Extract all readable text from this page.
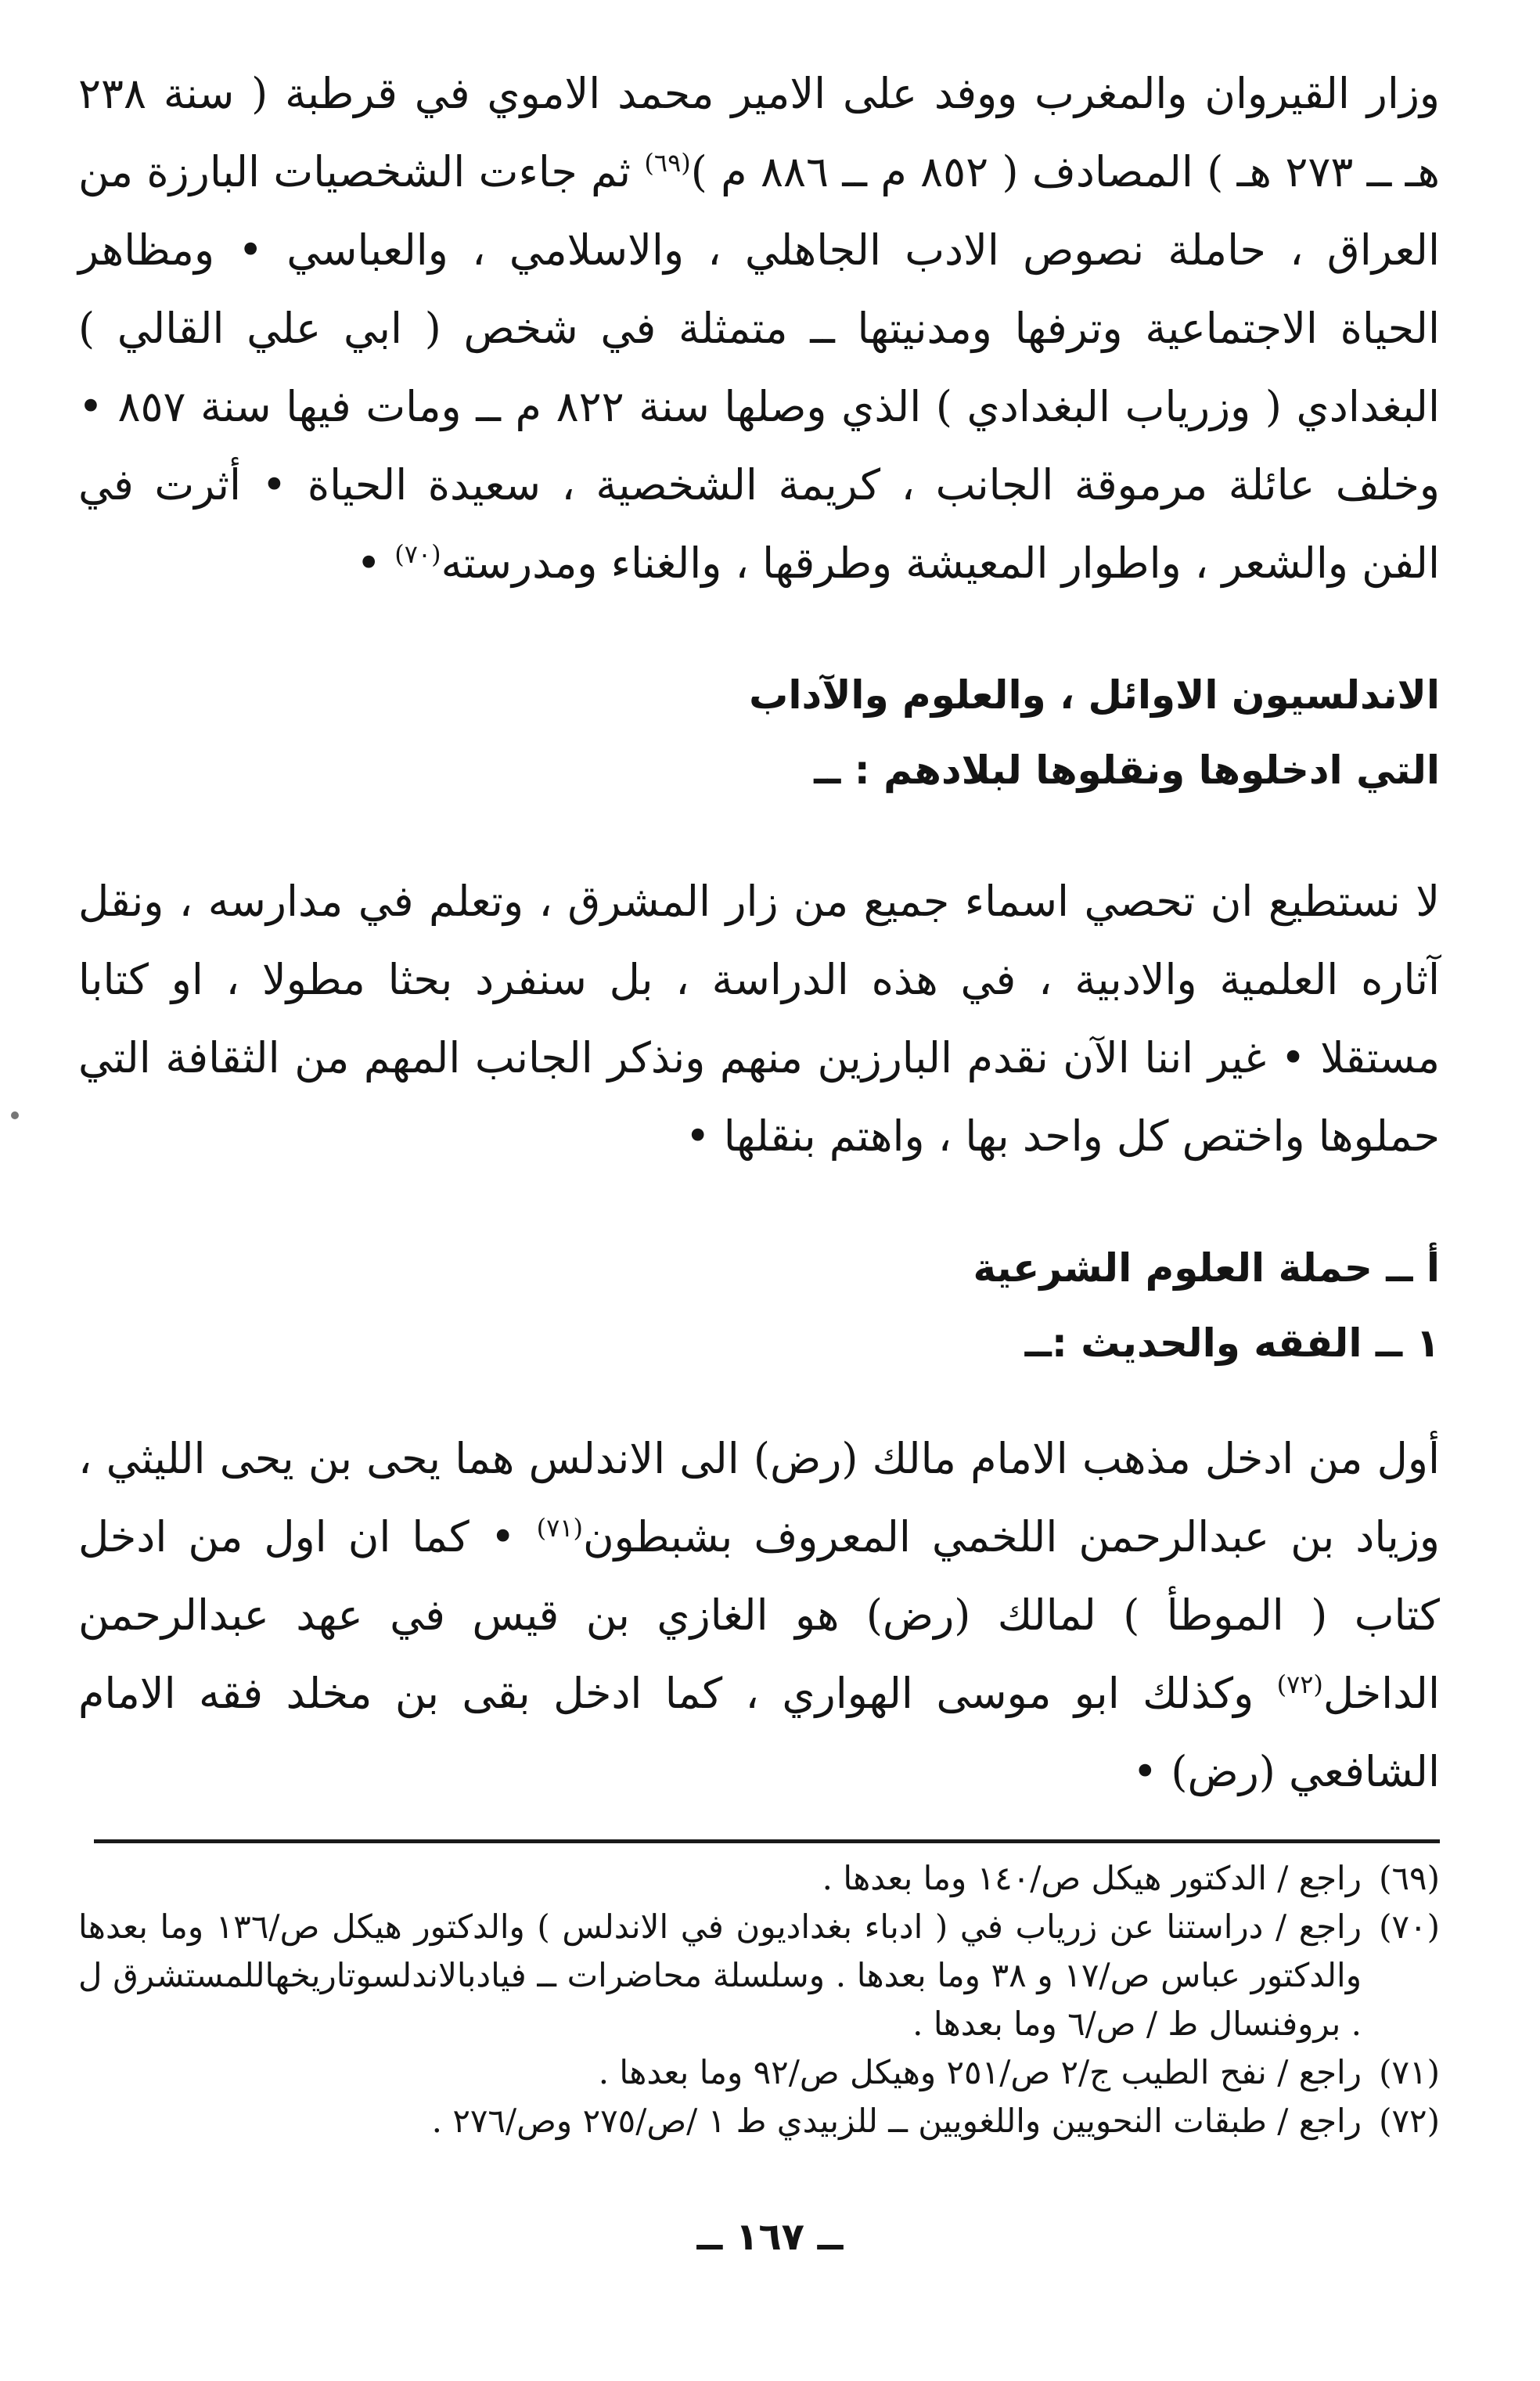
وزار القيروان والمغرب ووفد على الامير محمد الاموي في قرطبة ( سنة ٢٣٨ هـ ــ ٢٧٣ هـ ) المصادف ( ٨٥٢ م ــ ٨٨٦ م )$^{(٦٩)}$ ثم جاءت الشخصيات البارزة من العراق ، حاملة نصوص الادب الجاهلي ، والاسلامي ، والعباسي • ومظاهر الحياة الاجتماعية وترفها ومدنيتها ــ متمثلة في شخص ( ابي علي القالي ) البغدادي ( وزرياب البغدادي ) الذي وصلها سنة ٨٢٢ م ــ ومات فيها سنة ٨٥٧ • وخلف عائلة مرموقة الجانب ، كريمة الشخصية ، سعيدة الحياة • أثرت في الفن والشعر ، واطوار المعيشة وطرقها ، والغناء ومدرسته$^{(٧٠)}$ •

الاندلسيون الاوائل ، والعلوم والآداب
التي ادخلوها ونقلوها لبلادهم : ــ

لا نستطيع ان تحصي اسماء جميع من زار المشرق ، وتعلم في مدارسه ، ونقل آثاره العلمية والادبية ، في هذه الدراسة ، بل سنفرد بحثا مطولا ، او كتابا مستقلا • غير اننا الآن نقدم البارزين منهم ونذكر الجانب المهم من الثقافة التي حملوها واختص كل واحد بها ، واهتم بنقلها •

أ ــ حملة العلوم الشرعية
١ ــ الفقه والحديث :ــ

أول من ادخل مذهب الامام مالك (رض) الى الاندلس هما يحى بن يحى الليثي ، وزياد بن عبدالرحمن اللخمي المعروف بشبطون$^{(٧١)}$ • كما ان اول من ادخل كتاب ( الموطأ ) لمالك (رض) هو الغازي بن قيس في عهد عبدالرحمن الداخل$^{(٧٢)}$ وكذلك ابو موسى الهواري ، كما ادخل بقى بن مخلد فقه الامام الشافعي (رض) •

(٦٩)
راجع / الدكتور هيكل ص/١٤٠ وما بعدها .
(٧٠)
راجع / دراستنا عن زرياب في ( ادباء بغداديون في الاندلس ) والدكتور هيكل ص/١٣٦ وما بعدها والدكتور عباس ص/١٧ و ٣٨ وما بعدها . وسلسلة محاضرات ــ فيادبالاندلسوتاريخهاللمستشرق ل . بروفنسال ط / ص/٦ وما بعدها .
(٧١)
راجع / نفح الطيب ج/٢ ص/٢٥١ وهيكل ص/٩٢ وما بعدها .
(٧٢)
راجع / طبقات النحويين واللغويين ــ للزبيدي ط ١ /ص/٢٧٥ وص/٢٧٦ .
ــ ١٦٧ ــ
